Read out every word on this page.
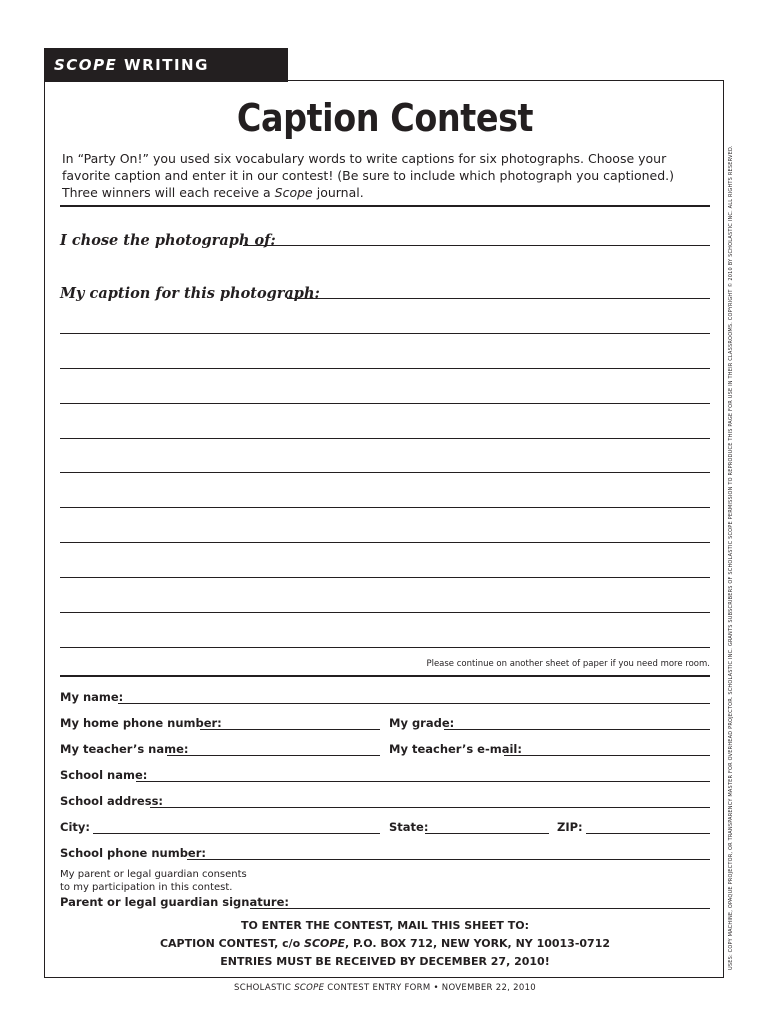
SCOPE WRITING CONTEST	Caption Contest
In “Party On!” you used six vocabulary words to write captions for six photographs. Choose your favorite caption and enter it in our contest! (Be sure to include which photograph you captioned.) Three winners will each receive a Scope journal.
I chose the photograph of:
My caption for this photograph:
Please continue on another sheet of paper if you need more room.
My name:
My home phone number:	My grade:
My teacher’s name:	My teacher’s e-mail:
School name:
School address:
City:	State:	ZIP:
School phone number:
My parent or legal guardian consents
to my participation in this contest.
Parent or legal guardian signature:
TO ENTER THE CONTEST, MAIL THIS SHEET TO:
CAPTION CONTEST, c/o SCOPE, P.O. BOX 712, NEW YORK, NY 10013-0712
ENTRIES MUST BE RECEIVED BY DECEMBER 27, 2010!
SCHOLASTIC SCOPE CONTEST ENTRY FORM • NOVEMBER 22, 2010
USES: COPY MACHINE, OPAQUE PROJECTOR, OR TRANSPARENCY MASTER FOR OVERHEAD PROJECTOR. SCHOLASTIC INC. GRANTS SUBSCRIBERS OF SCHOLASTIC SCOPE PERMISSION TO REPRODUCE THIS PAGE FOR USE IN THEIR CLASSROOMS. COPYRIGHT © 2010 BY SCHOLASTIC INC. ALL RIGHTS RESERVED.
